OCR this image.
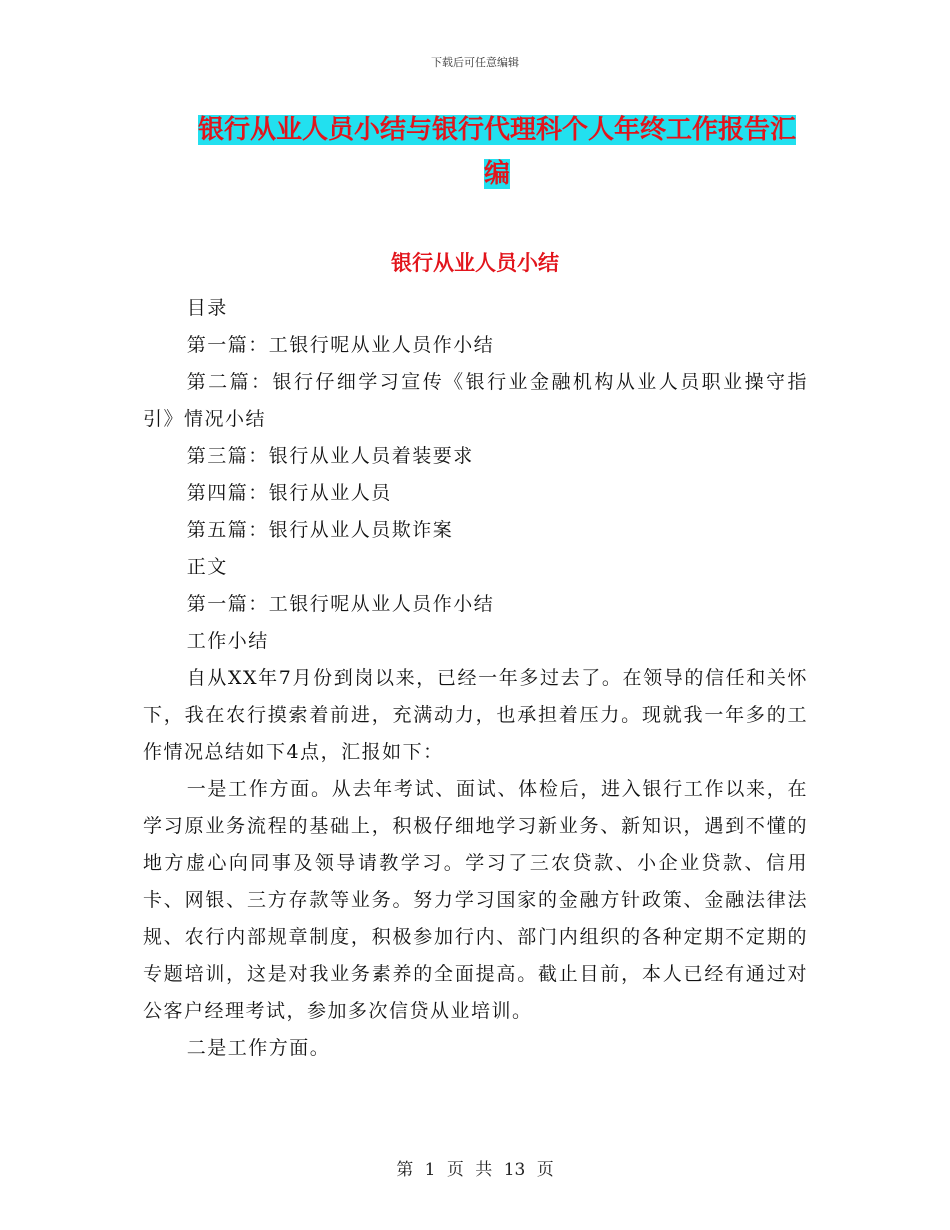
下载后可任意编辑
银行从业人员小结与银行代理科个人年终工作报告汇编
银行从业人员小结

目录

第一篇：工银行呢从业人员作小结

第二篇：银行仔细学习宣传《银行业金融机构从业人员职业操守指引》情况小结

第三篇：银行从业人员着装要求

第四篇：银行从业人员

第五篇：银行从业人员欺诈案

正文

第一篇：工银行呢从业人员作小结

工作小结

自从XX年7月份到岗以来，已经一年多过去了。在领导的信任和关怀下，我在农行摸索着前进，充满动力，也承担着压力。现就我一年多的工作情况总结如下4点，汇报如下：

一是工作方面。从去年考试、面试、体检后，进入银行工作以来，在学习原业务流程的基础上，积极仔细地学习新业务、新知识，遇到不懂的地方虚心向同事及领导请教学习。学习了三农贷款、小企业贷款、信用卡、网银、三方存款等业务。努力学习国家的金融方针政策、金融法律法规、农行内部规章制度，积极参加行内、部门内组织的各种定期不定期的专题培训，这是对我业务素养的全面提高。截止目前，本人已经有通过对公客户经理考试，参加多次信贷从业培训。

二是工作方面。

第 1 页 共 13 页
